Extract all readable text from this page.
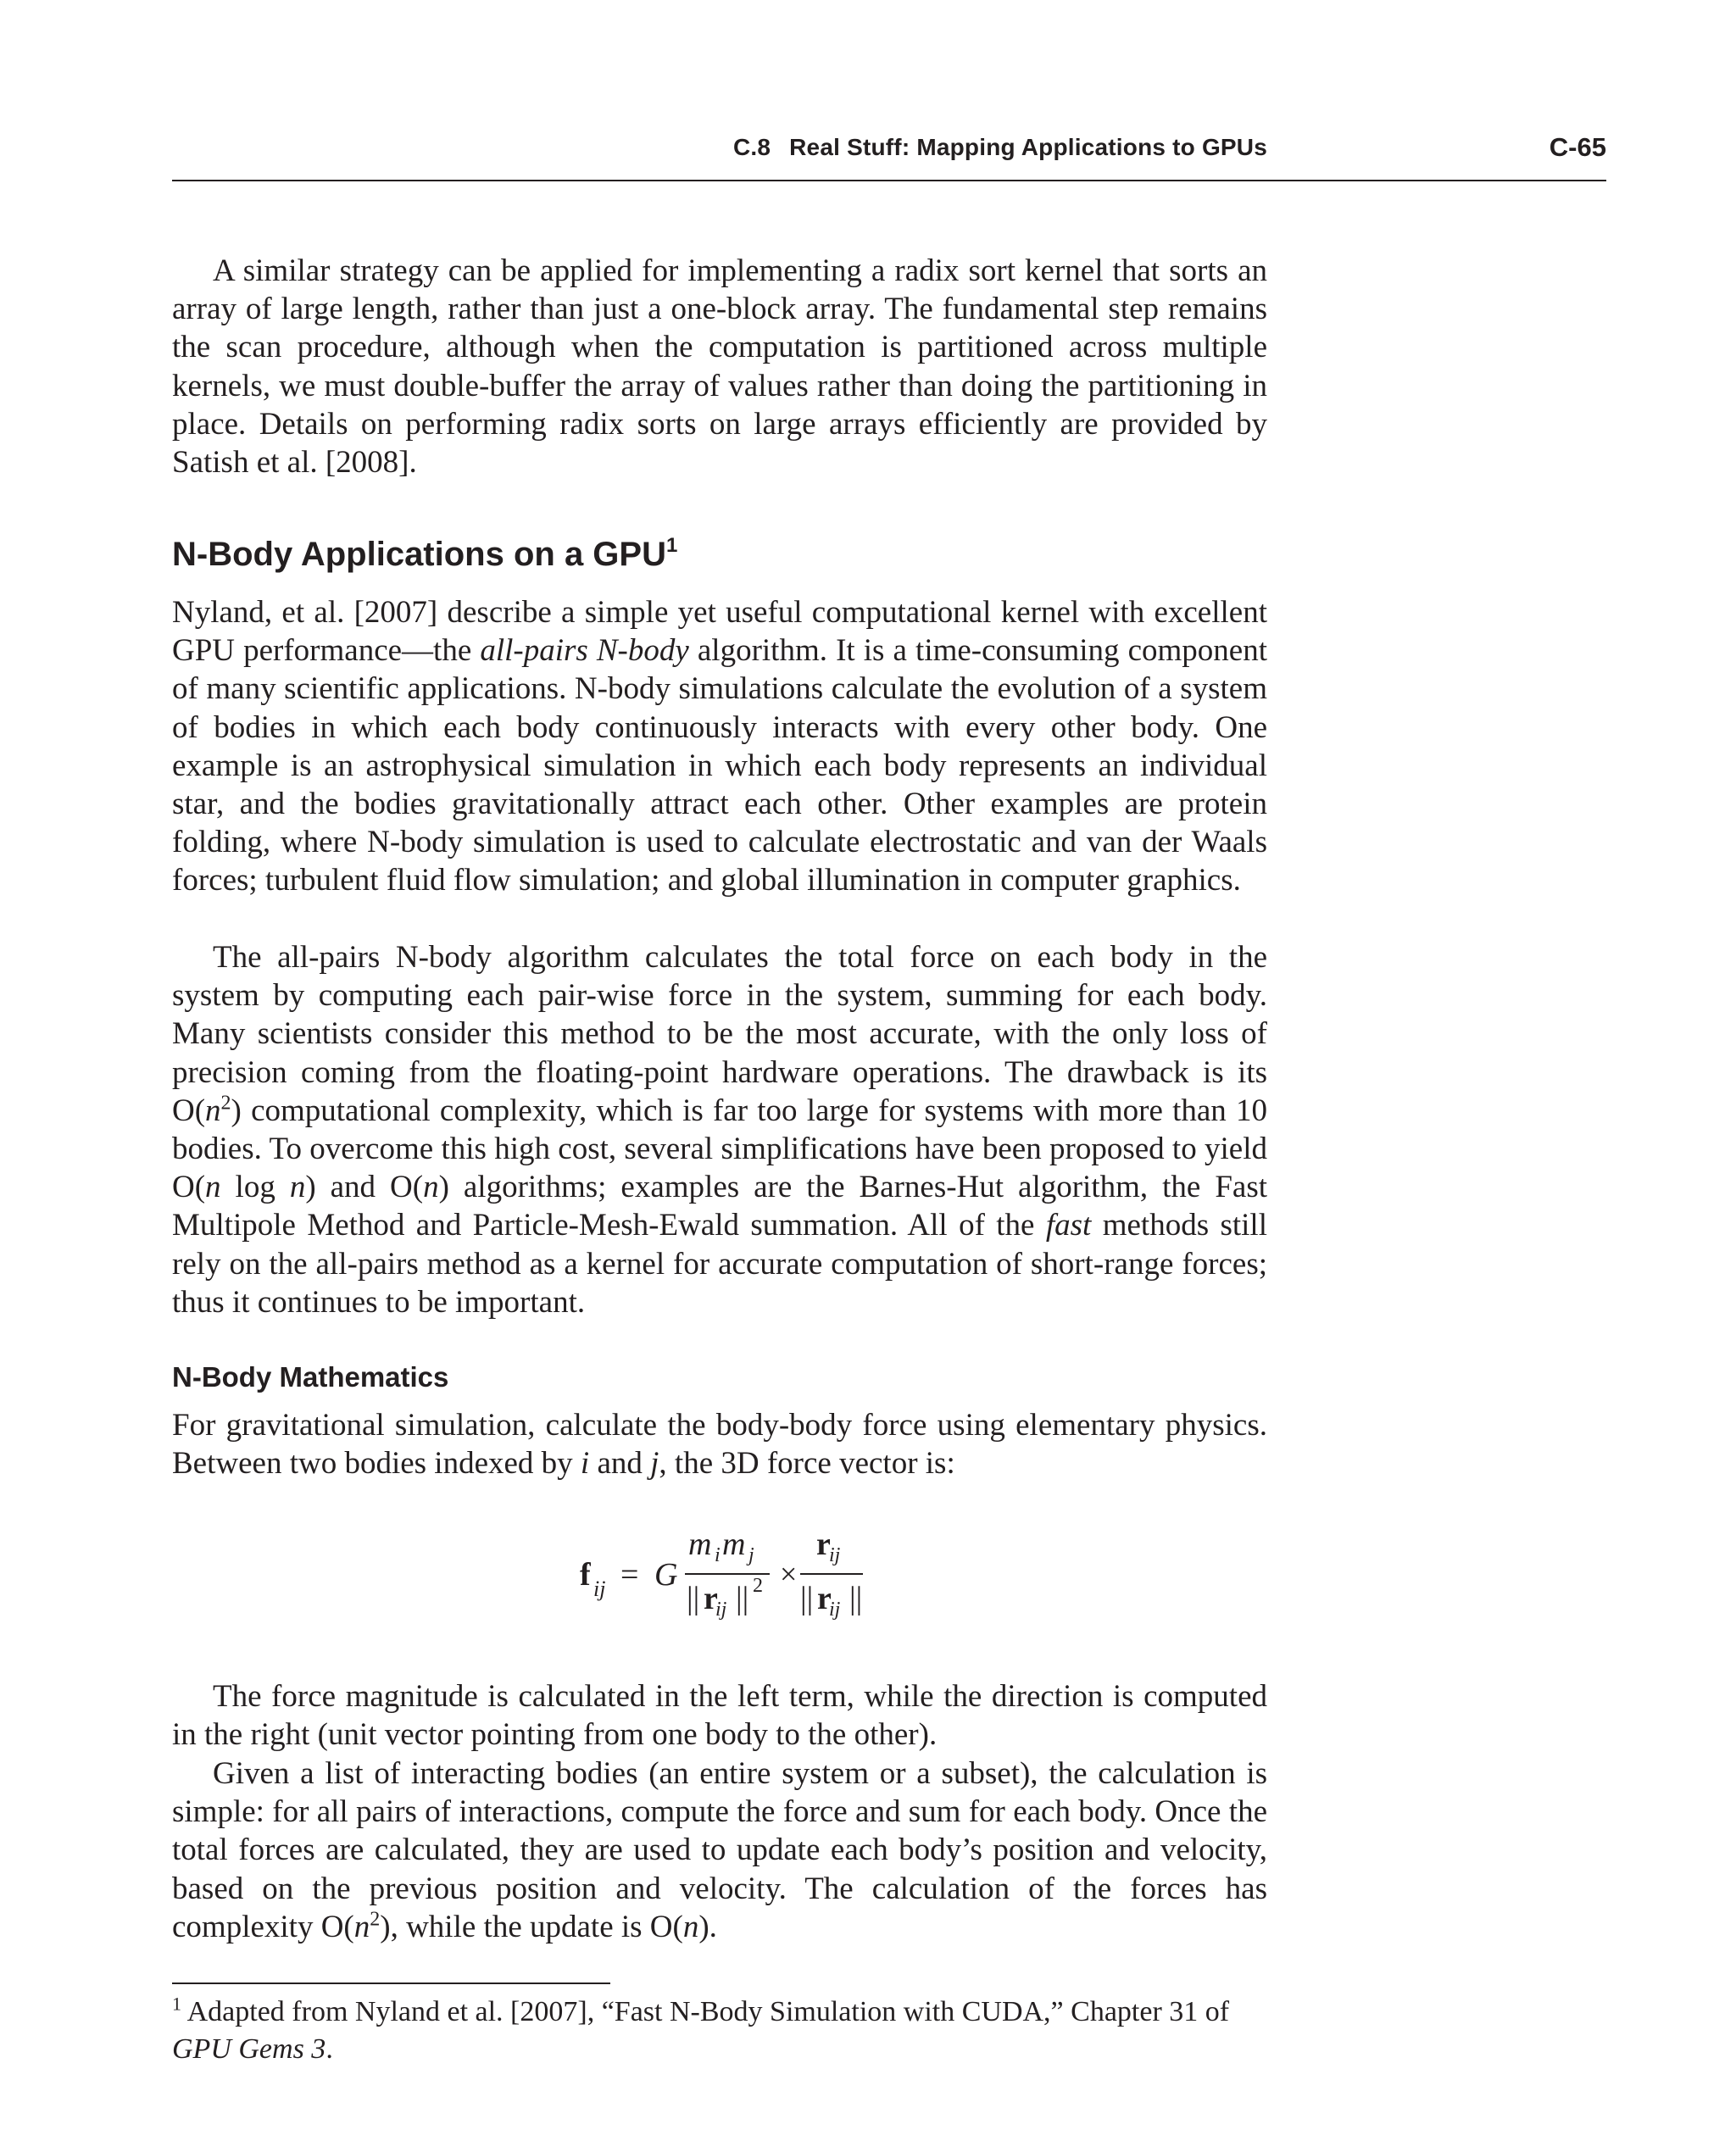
C.8 Real Stuff: Mapping Applications to GPUs	C-65

A similar strategy can be applied for implementing a radix sort kernel that sorts an array of large length, rather than just a one-block array. The fundamental step remains the scan procedure, although when the computation is partitioned across multiple kernels, we must double-buffer the array of values rather than doing the partitioning in place. Details on performing radix sorts on large arrays efficiently are provided by Satish et al. [2008].

N-Body Applications on a GPU$^1$

Nyland, et al. [2007] describe a simple yet useful computational kernel with excellent GPU performance—the all-pairs N-body algorithm. It is a time-consuming component of many scientific applications. N-body simulations calculate the evolution of a system of bodies in which each body continuously interacts with every other body. One example is an astrophysical simulation in which each body represents an individual star, and the bodies gravitationally attract each other. Other examples are protein folding, where N-body simulation is used to calculate electrostatic and van der Waals forces; turbulent fluid flow simulation; and global illumination in computer graphics.

The all-pairs N-body algorithm calculates the total force on each body in the system by computing each pair-wise force in the system, summing for each body. Many scientists consider this method to be the most accurate, with the only loss of precision coming from the floating-point hardware operations. The drawback is its $O(n^2)$ computational complexity, which is far too large for systems with more than 10 bodies. To overcome this high cost, several simplifications have been proposed to yield O(n log n) and O(n) algorithms; examples are the Barnes-Hut algorithm, the Fast Multipole Method and Particle-Mesh-Ewald summation. All of the fast methods still rely on the all-pairs method as a kernel for accurate computation of short-range forces; thus it continues to be important.

N-Body Mathematics

For gravitational simulation, calculate the body-body force using elementary physics. Between two bodies indexed by i and j, the 3D force vector is:

f ij = G
m i m j
|| r
ij || 2 ×
r
ij
|| r
ij ||

The force magnitude is calculated in the left term, while the direction is computed in the right (unit vector pointing from one body to the other).

Given a list of interacting bodies (an entire system or a subset), the calculation is simple: for all pairs of interactions, compute the force and sum for each body. Once the total forces are calculated, they are used to update each body’s position and velocity, based on the previous position and velocity. The calculation of the forces has complexity $O(n^2)$, while the update is O(n).

$^1$ Adapted from Nyland et al. [2007], “Fast N-Body Simulation with CUDA,” Chapter 31 of GPU Gems 3.
